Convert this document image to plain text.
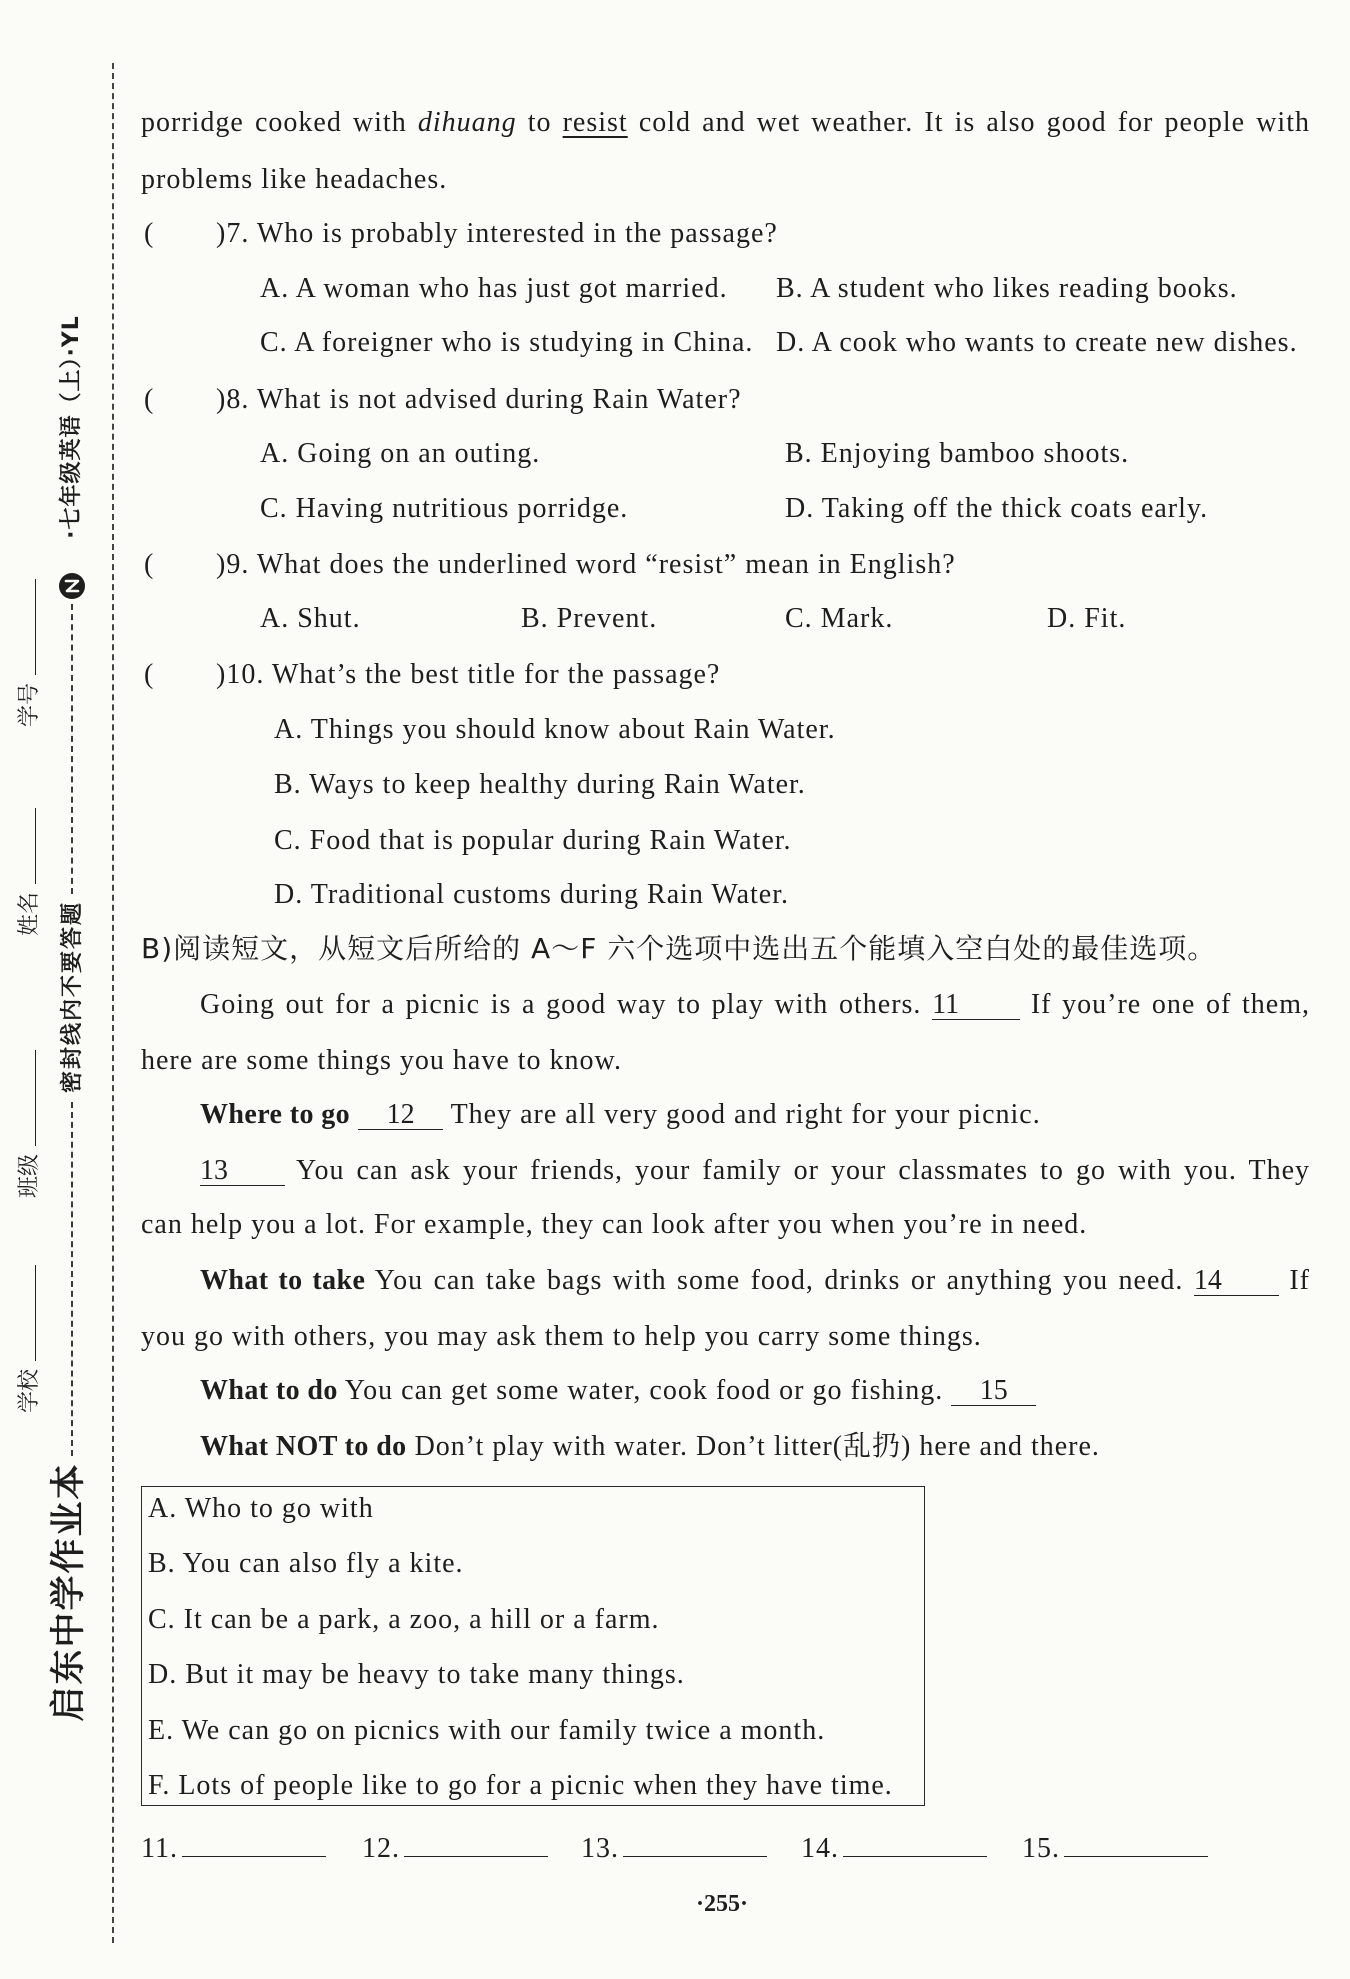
学校
班级
姓名
学号
·七年级英语（上）·YL
密封线内不要答题
启东中学作业本
porridge cooked with dihuang to resist cold and wet weather. It is also good for people with
problems like headaches.
( )7. Who is probably interested in the passage?
A. A woman who has just got married. B. A student who likes reading books.
C. A foreigner who is studying in China. D. A cook who wants to create new dishes.
( )8. What is not advised during Rain Water?
A. Going on an outing.	B. Enjoying bamboo shoots.
C. Having nutritious porridge.	D. Taking off the thick coats early.
( )9. What does the underlined word “resist” mean in English?
A. Shut.	B. Prevent.	C. Mark.	D. Fit.
( )10. What’s the best title for the passage?
A. Things you should know about Rain Water.
B. Ways to keep healthy during Rain Water.
C. Food that is popular during Rain Water.
D. Traditional customs during Rain Water.
B)阅读短文，从短文后所给的 A～F 六个选项中选出五个能填入空白处的最佳选项。
Going out for a picnic is a good way to play with others. 11	If you’re one of them,
here are some things you have to know.
Where to go 12 They are all very good and right for your picnic.
13 You can ask your friends, your family or your classmates to go with you. They
can help you a lot. For example, they can look after you when you’re in need.
What to take You can take bags with some food, drinks or anything you need. 14 If
you go with others, you may ask them to help you carry some things.
What to do You can get some water, cook food or go fishing. 15
What NOT to do Don’t play with water. Don’t litter(乱扔) here and there.
A. Who to go with
B. You can also fly a kite.
C. It can be a park, a zoo, a hill or a farm.
D. But it may be heavy to take many things.
E. We can go on picnics with our family twice a month.
F. Lots of people like to go for a picnic when they have time.
11.	12.	13.	14.	15.
·255·
